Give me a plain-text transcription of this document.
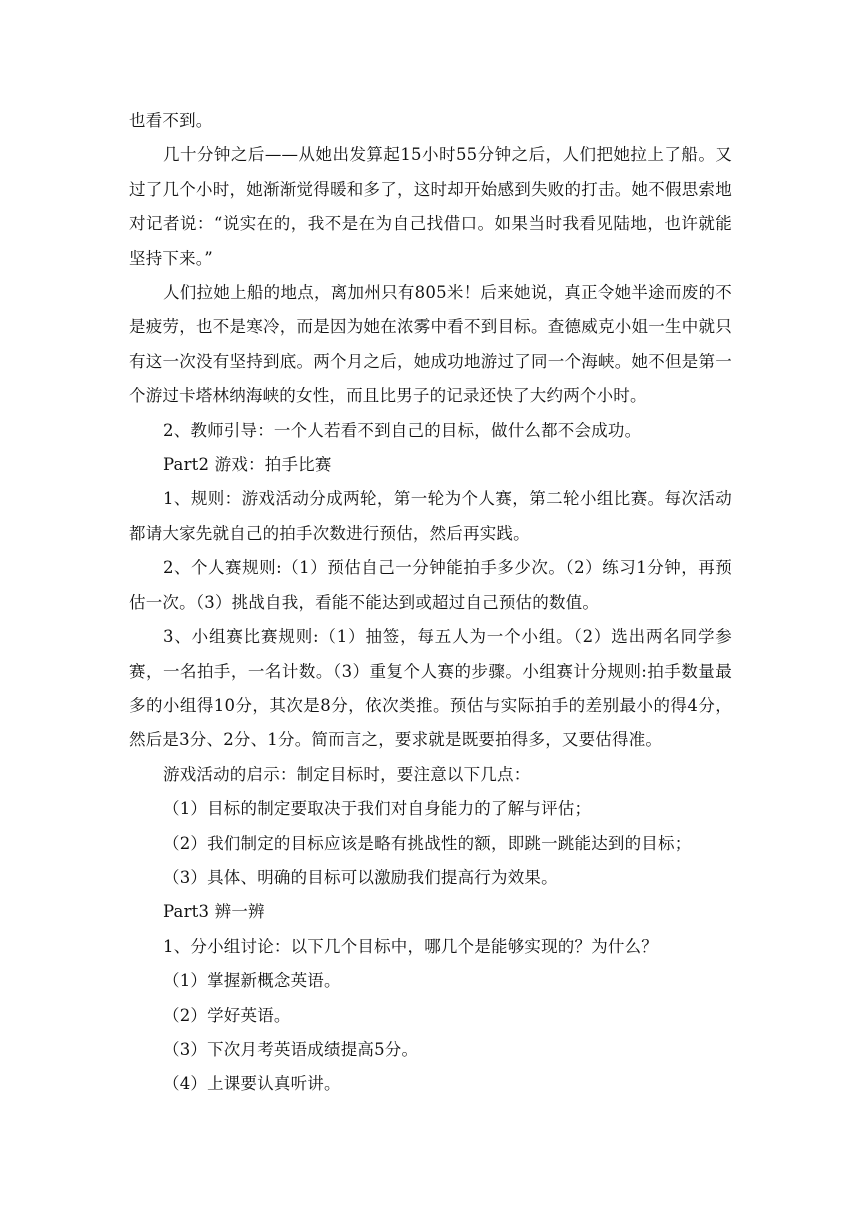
也看不到。

几十分钟之后——从她出发算起15小时55分钟之后，人们把她拉上了船。又过了几个小时，她渐渐觉得暖和多了，这时却开始感到失败的打击。她不假思索地对记者说：“说实在的，我不是在为自己找借口。如果当时我看见陆地，也许就能坚持下来。”

人们拉她上船的地点，离加州只有805米！后来她说，真正令她半途而废的不是疲劳，也不是寒冷，而是因为她在浓雾中看不到目标。查德威克小姐一生中就只有这一次没有坚持到底。两个月之后，她成功地游过了同一个海峡。她不但是第一个游过卡塔林纳海峡的女性，而且比男子的记录还快了大约两个小时。

2、教师引导：一个人若看不到自己的目标，做什么都不会成功。

Part2 游戏：拍手比赛

1、规则：游戏活动分成两轮，第一轮为个人赛，第二轮小组比赛。每次活动都请大家先就自己的拍手次数进行预估，然后再实践。

2、个人赛规则:（1）预估自己一分钟能拍手多少次。（2）练习1分钟，再预估一次。（3）挑战自我，看能不能达到或超过自己预估的数值。

3、小组赛比赛规则:（1）抽签，每五人为一个小组。（2）选出两名同学参赛，一名拍手，一名计数。（3）重复个人赛的步骤。小组赛计分规则:拍手数量最多的小组得10分，其次是8分，依次类推。预估与实际拍手的差别最小的得4分，然后是3分、2分、1分。简而言之，要求就是既要拍得多，又要估得准。

游戏活动的启示：制定目标时，要注意以下几点：

（1）目标的制定要取决于我们对自身能力的了解与评估；

（2）我们制定的目标应该是略有挑战性的额，即跳一跳能达到的目标；

（3）具体、明确的目标可以激励我们提高行为效果。

Part3 辨一辨

1、分小组讨论：以下几个目标中，哪几个是能够实现的？为什么？

（1）掌握新概念英语。

（2）学好英语。

（3）下次月考英语成绩提高5分。

（4）上课要认真听讲。
